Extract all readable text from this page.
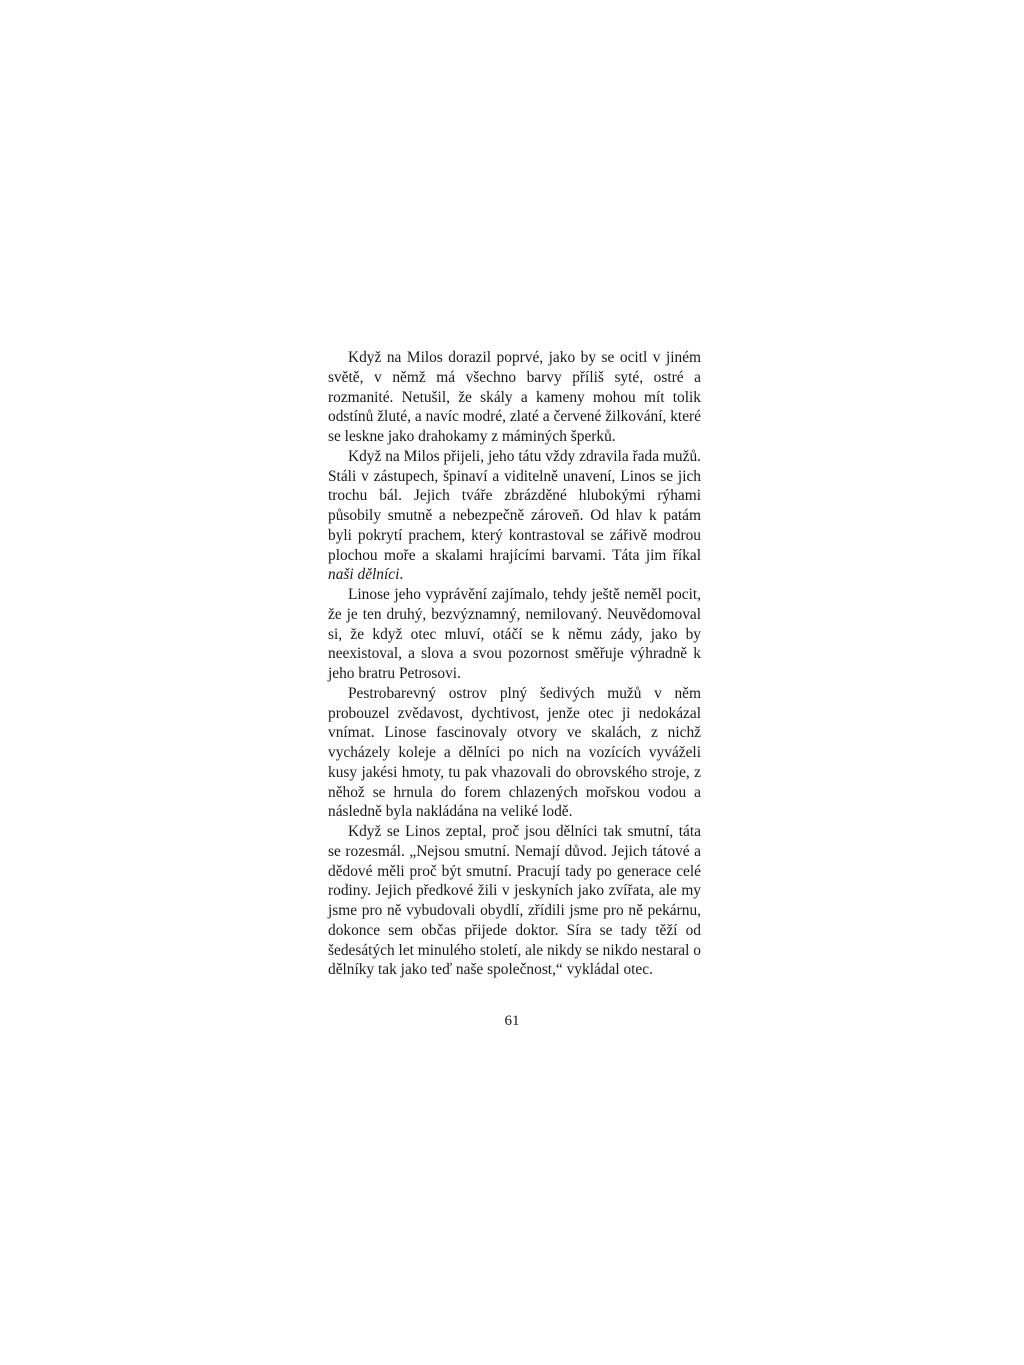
Když na Milos dorazil poprvé, jako by se ocitl v jiném světě, v němž má všechno barvy příliš syté, ostré a rozmanité. Netušil, že skály a kameny mohou mít tolik odstínů žluté, a navíc modré, zlaté a červené žilkování, které se leskne jako drahokamy z máminých šperků.

Když na Milos přijeli, jeho tátu vždy zdravila řada mužů. Stáli v zástupech, špinaví a viditelně unavení, Linos se jich trochu bál. Jejich tváře zbrázděné hlubokými rýhami působily smutně a nebezpečně zároveň. Od hlav k patám byli pokrytí prachem, který kontrastoval se zářivě modrou plochou moře a skalami hrajícími barvami. Táta jim říkal naši dělníci.

Linose jeho vyprávění zajímalo, tehdy ještě neměl pocit, že je ten druhý, bezvýznamný, nemilovaný. Neuvědomoval si, že když otec mluví, otáčí se k němu zády, jako by neexistoval, a slova a svou pozornost směřuje výhradně k jeho bratru Petrosovi.

Pestrobarevný ostrov plný šedivých mužů v něm probouzel zvědavost, dychtivost, jenže otec ji nedokázal vnímat. Linose fascinovaly otvory ve skalách, z nichž vycházely koleje a dělníci po nich na vozících vyváželi kusy jakési hmoty, tu pak vhazovali do obrovského stroje, z něhož se hrnula do forem chlazených mořskou vodou a následně byla nakládána na veliké lodě.

Když se Linos zeptal, proč jsou dělníci tak smutní, táta se rozesmál. „Nejsou smutní. Nemají důvod. Jejich tátové a dědové měli proč být smutní. Pracují tady po generace celé rodiny. Jejich předkové žili v jeskyních jako zvířata, ale my jsme pro ně vybudovali obydlí, zřídili jsme pro ně pekárnu, dokonce sem občas přijede doktor. Síra se tady těží od šedesátých let minulého století, ale nikdy se nikdo nestaral o dělníky tak jako teď naše společnost,“ vykládal otec.

61
